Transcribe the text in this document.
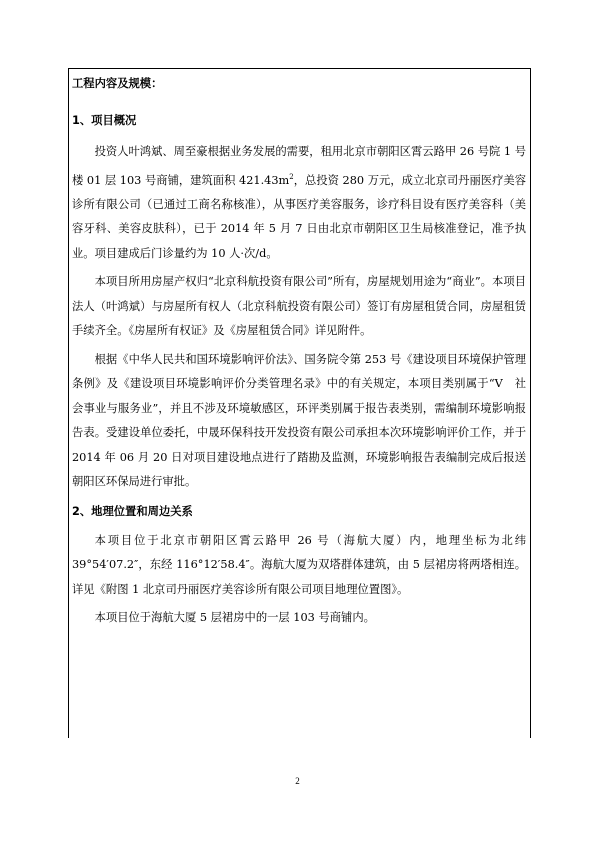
工程内容及规模：

1、项目概况

投资人叶鸿斌、周至豪根据业务发展的需要，租用北京市朝阳区霄云路甲 26 号院 1 号楼 01 层 103 号商铺，建筑面积 $421.43m^2$，总投资 280 万元，成立北京司丹丽医疗美容诊所有限公司（已通过工商名称核准），从事医疗美容服务，诊疗科目设有医疗美容科（美容牙科、美容皮肤科），已于 2014 年 5 月 7 日由北京市朝阳区卫生局核准登记，准予执业。项目建成后门诊量约为 10 人·次/d。

本项目所用房屋产权归“北京科航投资有限公司”所有，房屋规划用途为“商业”。本项目法人（叶鸿斌）与房屋所有权人（北京科航投资有限公司）签订有房屋租赁合同，房屋租赁手续齐全。《房屋所有权证》及《房屋租赁合同》详见附件。

根据《中华人民共和国环境影响评价法》、国务院令第 253 号《建设项目环境保护管理条例》及《建设项目环境影响评价分类管理名录》中的有关规定，本项目类别属于“V　社会事业与服务业”，并且不涉及环境敏感区，环评类别属于报告表类别，需编制环境影响报告表。受建设单位委托，中晟环保科技开发投资有限公司承担本次环境影响评价工作，并于 2014 年 06 月 20 日对项目建设地点进行了踏勘及监测，环境影响报告表编制完成后报送朝阳区环保局进行审批。

2、地理位置和周边关系

本项目位于北京市朝阳区霄云路甲 26 号（海航大厦）内，地理坐标为北纬 39°54′07.2″，东经 116°12′58.4″。海航大厦为双塔群体建筑，由 5 层裙房将两塔相连。详见《附图 1 北京司丹丽医疗美容诊所有限公司项目地理位置图》。

本项目位于海航大厦 5 层裙房中的一层 103 号商铺内。

2
